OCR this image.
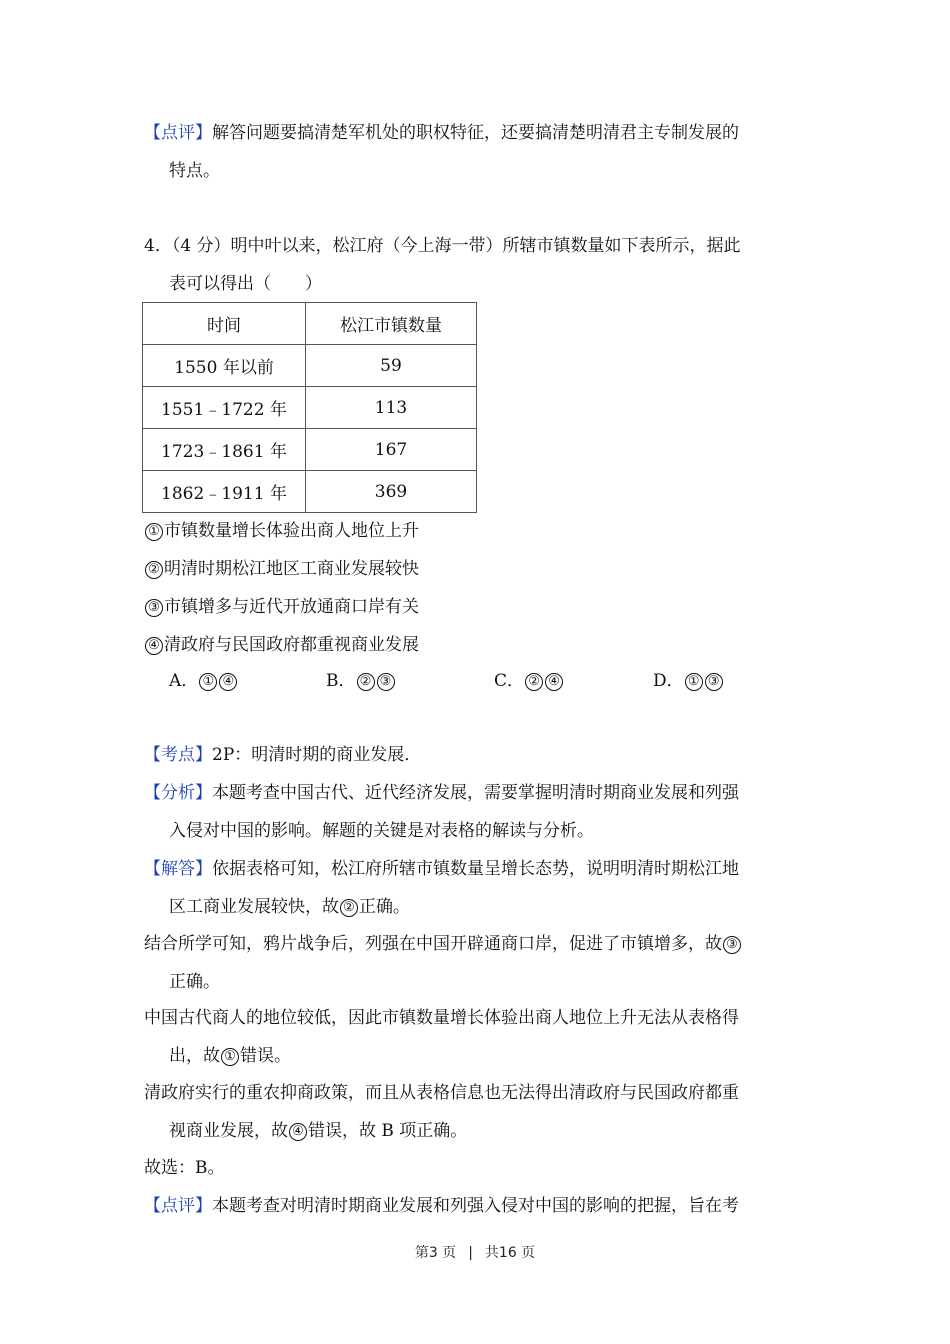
【点评】解答问题要搞清楚军机处的职权特征，还要搞清楚明清君主专制发展的
特点。
4．（4 分）明中叶以来，松江府（今上海一带）所辖市镇数量如下表所示，据此
表可以得出（　　）
时间	松江市镇数量
1550 年以前	59
1551﹣1722 年	113
1723﹣1861 年	167
1862﹣1911 年	369
① 市镇数量增长体验出商人地位上升
② 明清时期松江地区工商业发展较快
③ 市镇增多与近代开放通商口岸有关
④ 清政府与民国政府都重视商业发展
A． ① ④	B． ② ③	C． ② ④	D． ① ③
【考点】2P：明清时期的商业发展．
【分析】本题考查中国古代、近代经济发展，需要掌握明清时期商业发展和列强
入侵对中国的影响。解题的关键是对表格的解读与分析。
【解答】依据表格可知，松江府所辖市镇数量呈增长态势，说明明清时期松江地
区工商业发展较快，故 ② 正确。
结合所学可知，鸦片战争后，列强在中国开辟通商口岸，促进了市镇增多，故 ③
正确。
中国古代商人的地位较低，因此市镇数量增长体验出商人地位上升无法从表格得
出，故 ① 错误。
清政府实行的重农抑商政策，而且从表格信息也无法得出清政府与民国政府都重
视商业发展，故 ④ 错误，故 B 项正确。
故选：B。
【点评】本题考查对明清时期商业发展和列强入侵对中国的影响的把握，旨在考
第3 页 | 共16 页
